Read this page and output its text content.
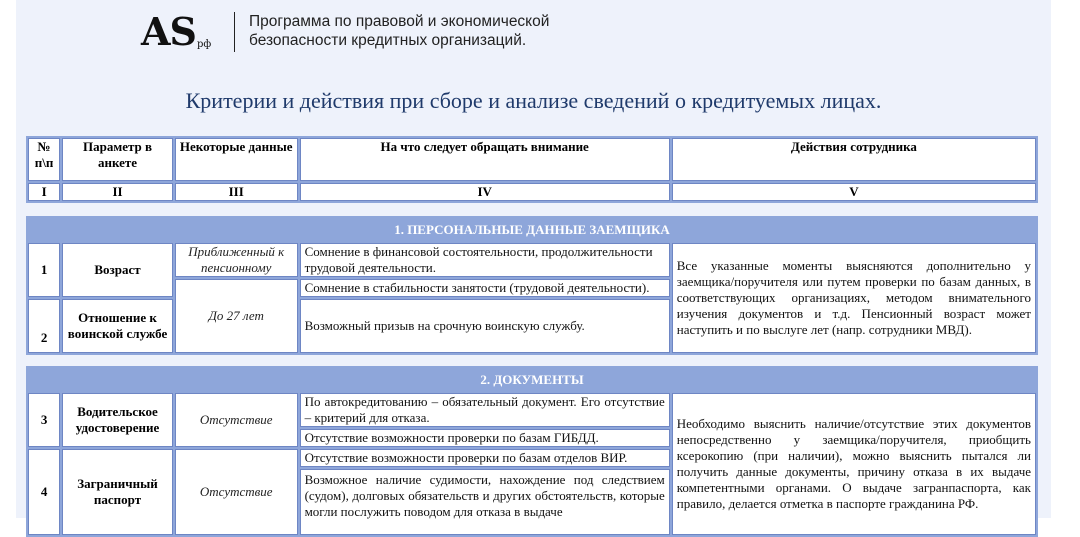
ASрф
Программа по правовой и экономической
безопасности кредитных организаций.
Критерии и действия при сборе и анализе сведений о кредитуемых лицах.
№ п\п	Параметр в анкете	Некоторые данные	На что следует обращать внимание	Действия сотрудника
I	II	III	IV	V
1. ПЕРСОНАЛЬНЫЕ ДАННЫЕ ЗАЕМЩИКА				
1	Возраст	Приближенный к пенсионному	Сомнение в финансовой состоятельности, продолжительности трудовой деятельности.	Все указанные моменты выясняются дополнительно у заемщика/поручителя или путем проверки по базам данных, в соответствующих организациях, методом внимательного изучения документов и т.д. Пенсионный возраст может наступить и по выслуге лет (напр. сотрудники МВД).
		До 27 лет	Сомнение в стабильности занятости (трудовой деятельности).	
2	Отношение к воинской службе		Возможный призыв на срочную воинскую службу.	

2. ДОКУМЕНТЫ				
3	Водительское удостоверение	Отсутствие	По автокредитованию – обязательный документ. Его отсутствие – критерий для отказа.	Необходимо выяснить наличие/отсутствие этих документов непосредственно у заемщика/поручителя, приобщить ксерокопию (при наличии), можно выяснить пытался ли получить данные документы, причину отказа в их выдаче компетентными органами. О выдаче загранпаспорта, как правило, делается отметка в паспорте гражданина РФ.
			Отсутствие возможности проверки по базам ГИБДД.	
4	Заграничный паспорт	Отсутствие	Отсутствие возможности проверки по базам отделов ВИР.	
			Возможное наличие судимости, нахождение под следствием (судом), долговых обязательств и других обстоятельств, которые могли послужить поводом для отказа в выдаче	
